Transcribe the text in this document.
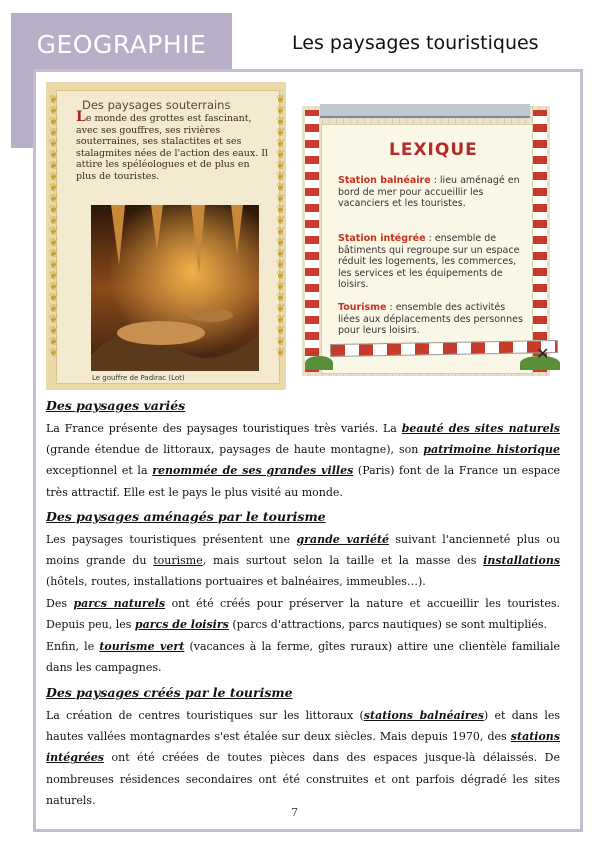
GEOGRAPHIE	Les paysages touristiques
❦
❦
❦
❦
❦
❦
❦
❦
❦
❦
❦
❦
❦
❦
❦
❦
❦
❦
❦
❦
❦
❦
❦
❦
❦
❦
❦
❦
❦
❦
❦
❦
❦
❦
❦
❦
❦
❦
❦
❦
❦
❦
❦
❦
❦
❦
❦
❦
Des paysages souterrains
Le monde des grottes est fascinant, avec ses gouffres, ses rivières souterraines, ses stalactites et ses stalagmites nées de l'action des eaux. Il attire les spéléologues et de plus en plus de touristes.
Le gouffre de Padirac (Lot)
LEXIQUE
Station balnéaire : lieu aménagé en bord de mer pour accueillir les vacanciers et les touristes.
Station intégrée : ensemble de bâtiments qui regroupe sur un espace réduit les logements, les commerces, les services et les équipements de loisirs.
Tourisme : ensemble des activités liées aux déplacements des personnes pour leurs loisirs.
✕
Des paysages variés
La France présente des paysages touristiques très variés. La beauté des sites naturels (grande étendue de littoraux, paysages de haute montagne), son patrimoine historique exceptionnel et la renommée de ses grandes villes (Paris) font de la France un espace très attractif. Elle est le pays le plus visité au monde.
Des paysages aménagés par le tourisme
Les paysages touristiques présentent une grande variété suivant l'ancienneté plus ou moins grande du tourisme, mais surtout selon la taille et la masse des installations (hôtels, routes, installations portuaires et balnéaires, immeubles…).
Des parcs naturels ont été créés pour préserver la nature et accueillir les touristes. Depuis peu, les parcs de loisirs (parcs d'attractions, parcs nautiques) se sont multipliés.
Enfin, le tourisme vert (vacances à la ferme, gîtes ruraux) attire une clientèle familiale dans les campagnes.
Des paysages créés par le tourisme
La création de centres touristiques sur les littoraux (stations balnéaires) et dans les hautes vallées montagnardes s'est étalée sur deux siècles. Mais depuis 1970, des stations intégrées ont été créées de toutes pièces dans des espaces jusque-là délaissés. De nombreuses résidences secondaires ont été construites et ont parfois dégradé les sites naturels.
7
